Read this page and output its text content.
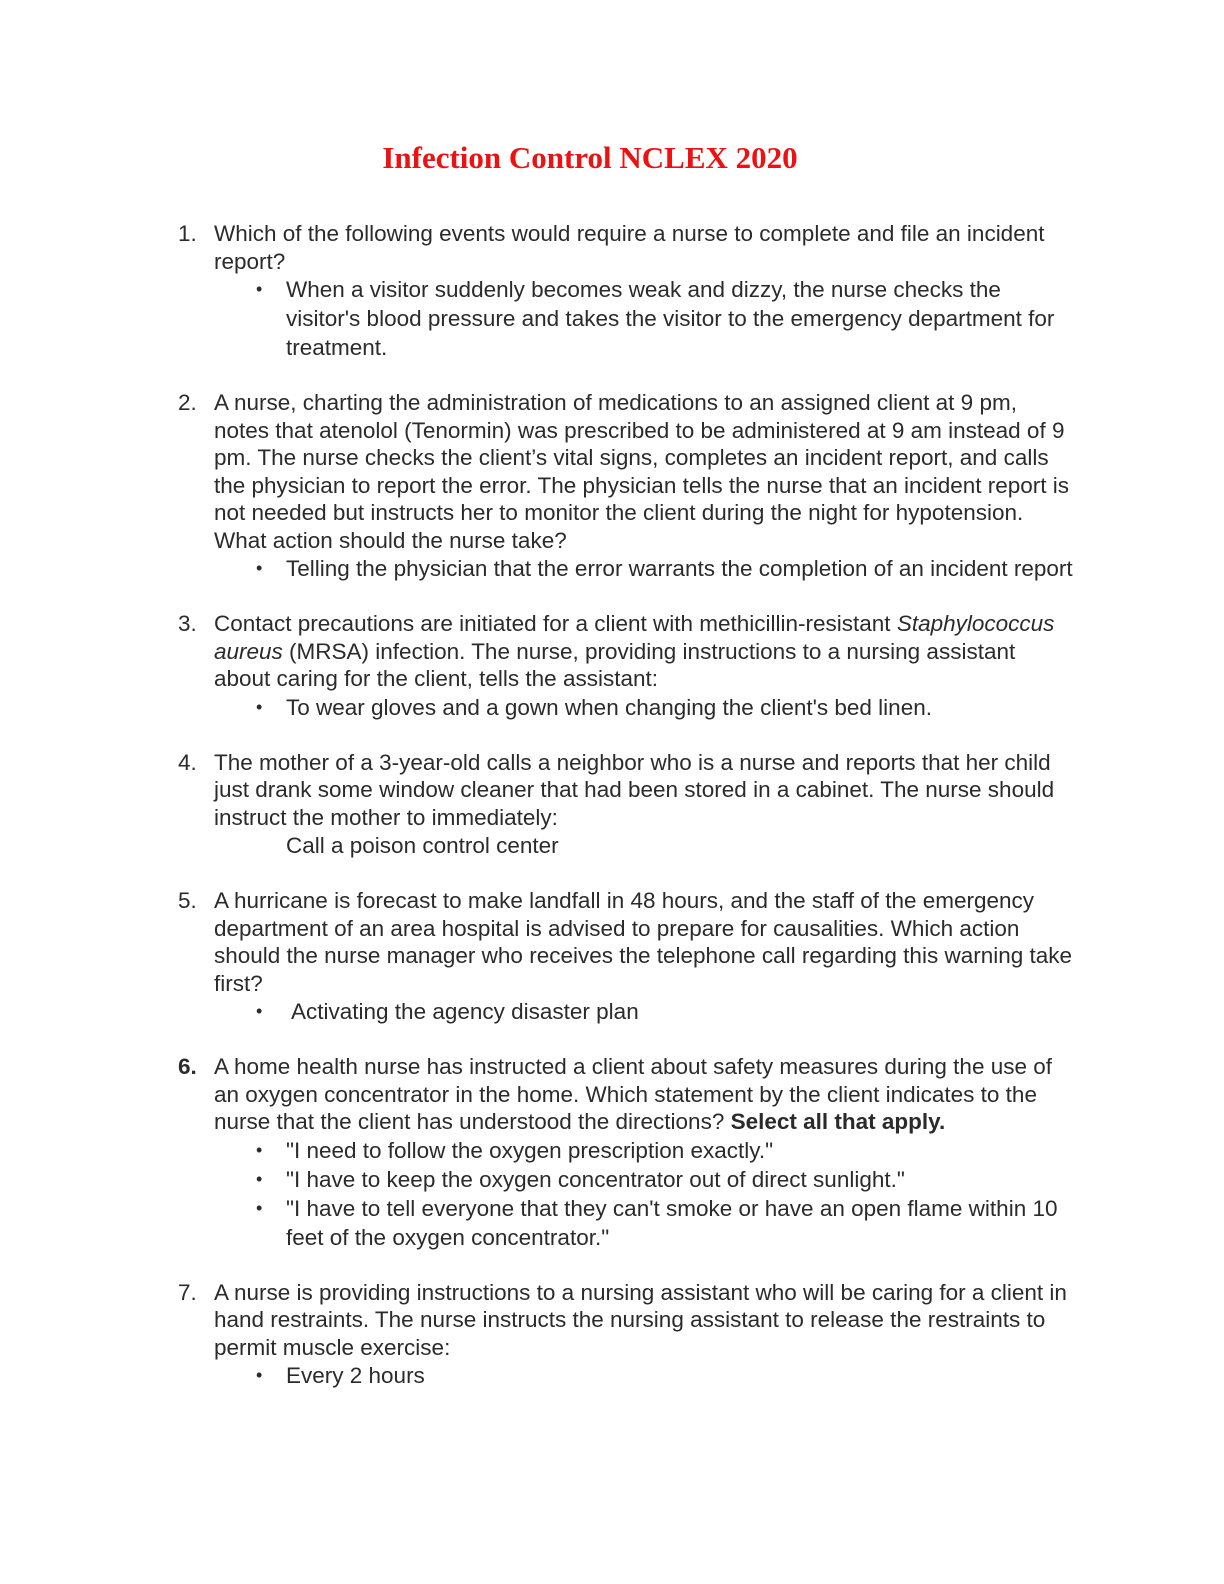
Infection Control NCLEX 2020
1. Which of the following events would require a nurse to complete and file an incident report?
• When a visitor suddenly becomes weak and dizzy, the nurse checks the visitor's blood pressure and takes the visitor to the emergency department for treatment.
2. A nurse, charting the administration of medications to an assigned client at 9 pm, notes that atenolol (Tenormin) was prescribed to be administered at 9 am instead of 9 pm. The nurse checks the client’s vital signs, completes an incident report, and calls the physician to report the error. The physician tells the nurse that an incident report is not needed but instructs her to monitor the client during the night for hypotension. What action should the nurse take?
• Telling the physician that the error warrants the completion of an incident report
3. Contact precautions are initiated for a client with methicillin-resistant Staphylococcus aureus (MRSA) infection. The nurse, providing instructions to a nursing assistant about caring for the client, tells the assistant:
• To wear gloves and a gown when changing the client's bed linen.
4. The mother of a 3-year-old calls a neighbor who is a nurse and reports that her child just drank some window cleaner that had been stored in a cabinet. The nurse should instruct the mother to immediately:
Call a poison control center
5. A hurricane is forecast to make landfall in 48 hours, and the staff of the emergency department of an area hospital is advised to prepare for causalities. Which action should the nurse manager who receives the telephone call regarding this warning take first?
• Activating the agency disaster plan
6. A home health nurse has instructed a client about safety measures during the use of an oxygen concentrator in the home. Which statement by the client indicates to the nurse that the client has understood the directions? Select all that apply.
• "I need to follow the oxygen prescription exactly."
• "I have to keep the oxygen concentrator out of direct sunlight."
• "I have to tell everyone that they can't smoke or have an open flame within 10 feet of the oxygen concentrator."
7. A nurse is providing instructions to a nursing assistant who will be caring for a client in hand restraints. The nurse instructs the nursing assistant to release the restraints to permit muscle exercise:
• Every 2 hours
